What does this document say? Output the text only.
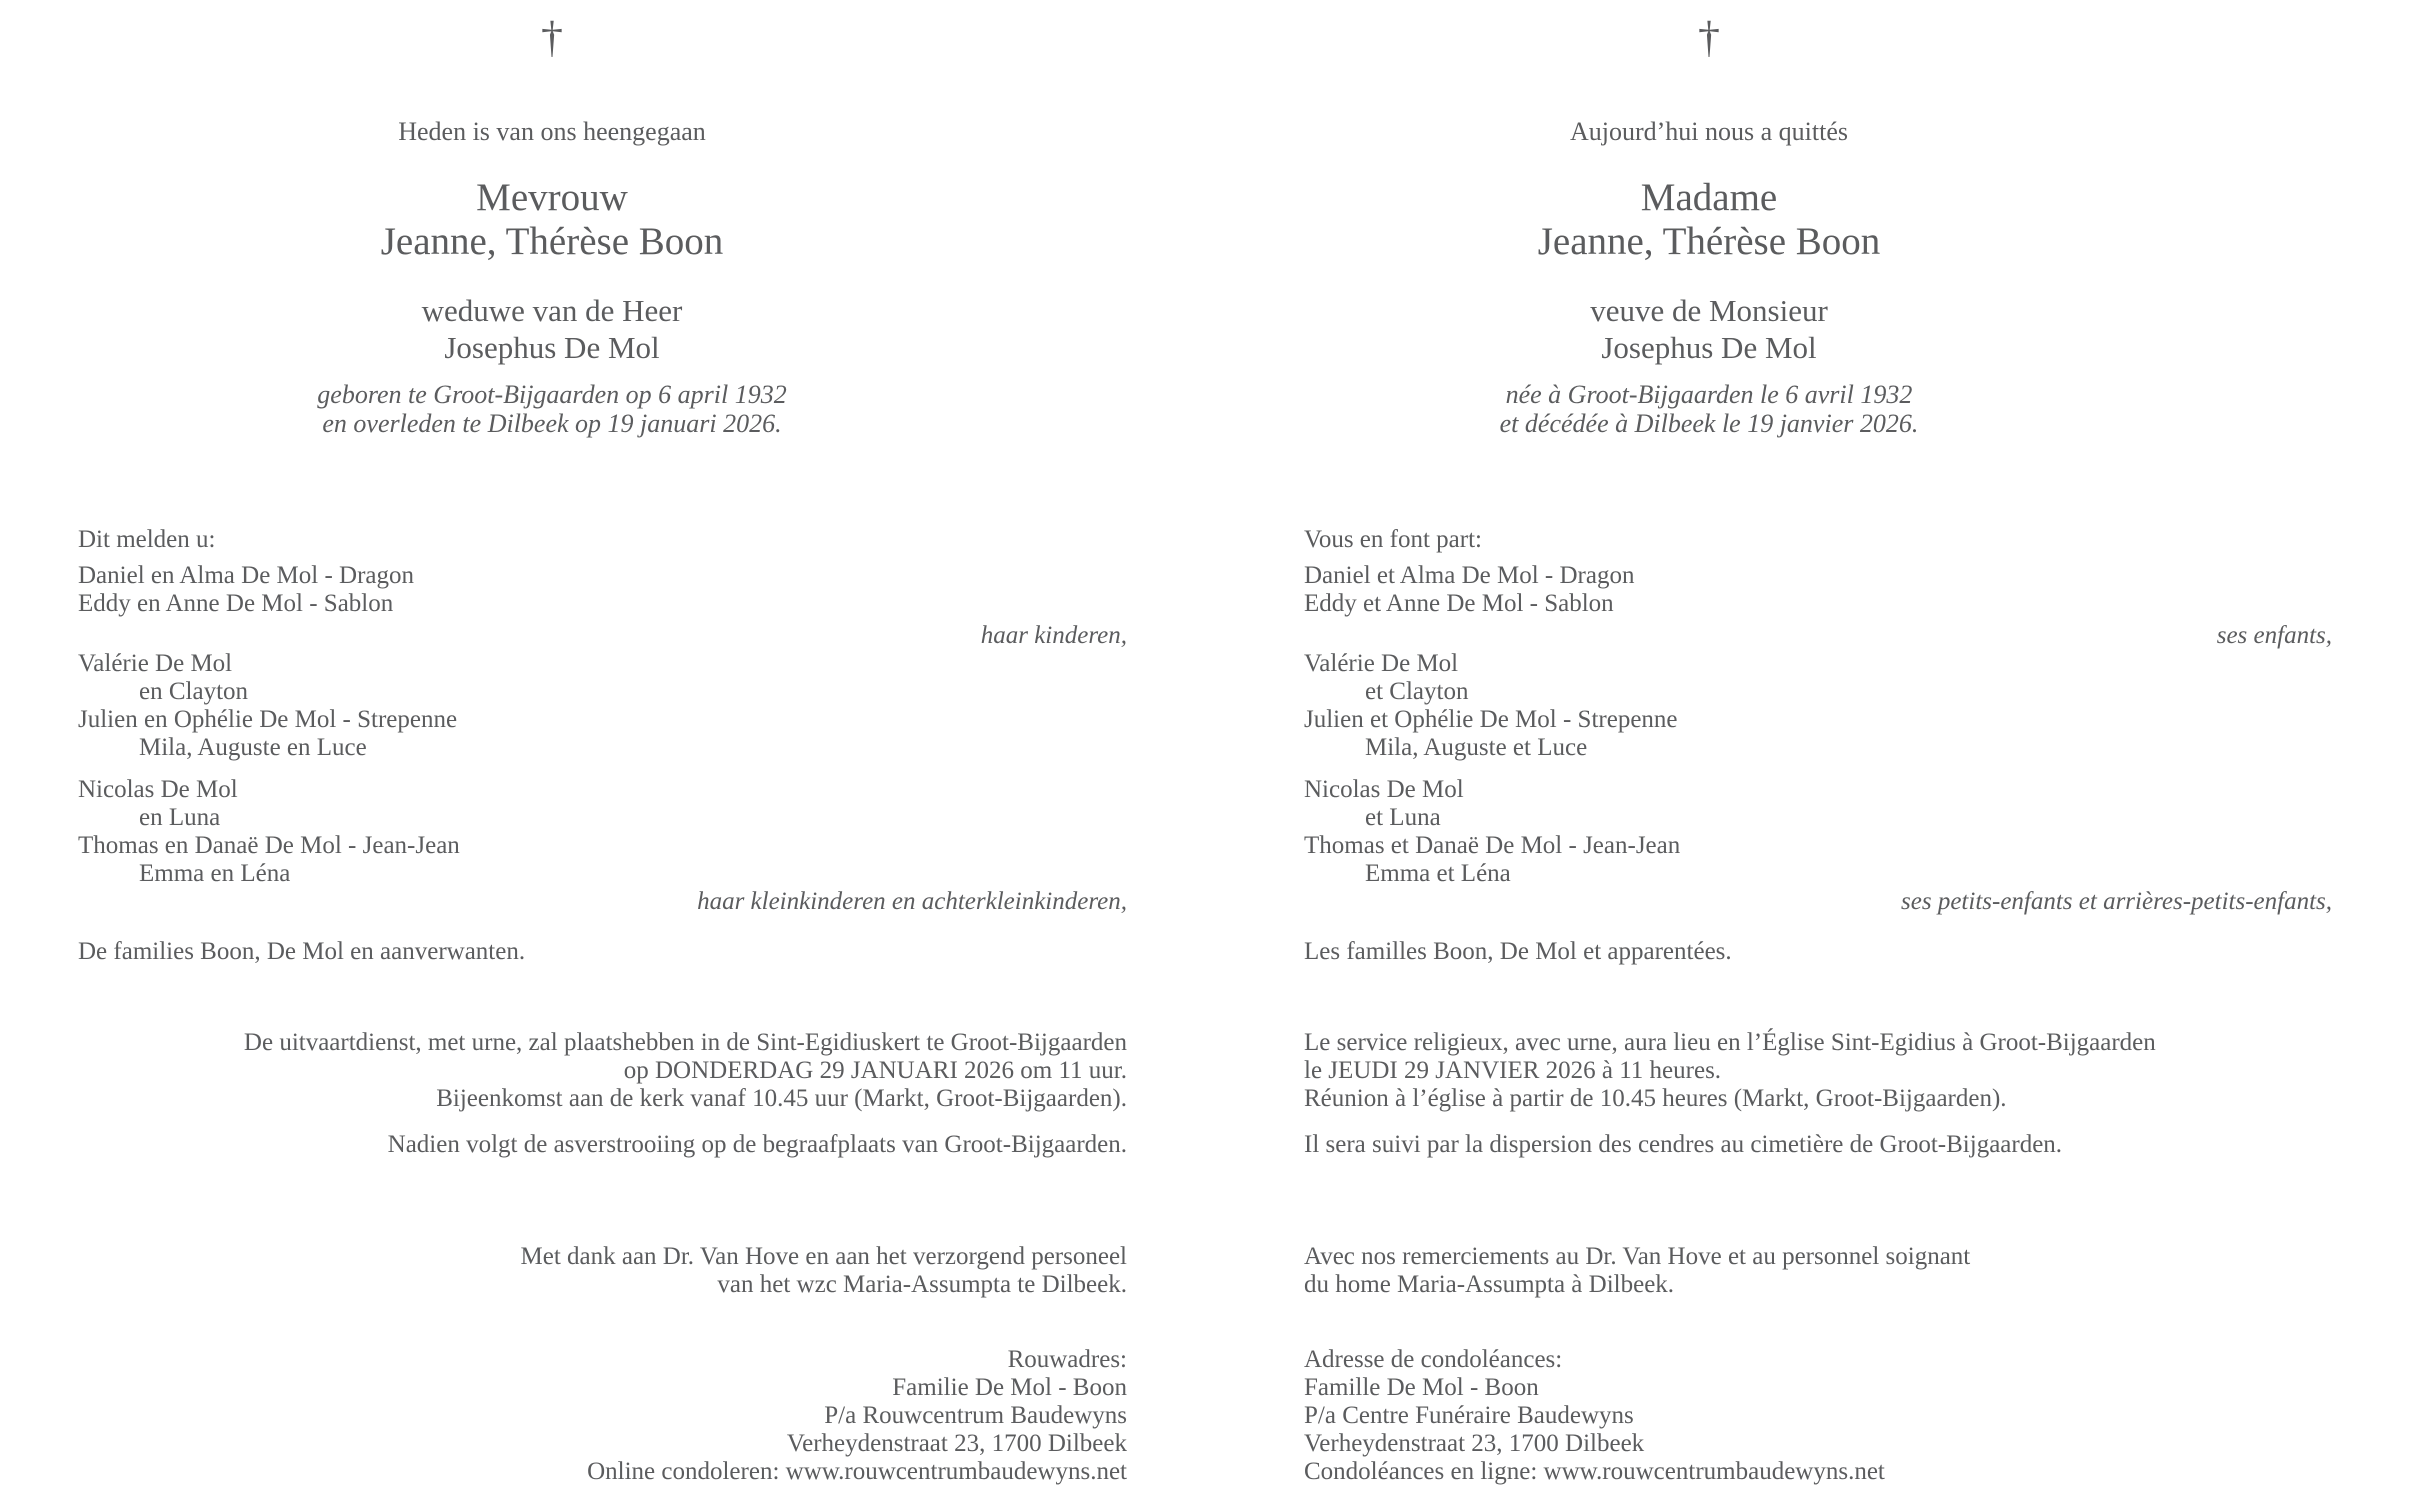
†
Heden is van ons heengegaan
Mevrouw
Jeanne, Thérèse Boon
weduwe van de Heer
Josephus De Mol
geboren te Groot-Bijgaarden op 6 april 1932
en overleden te Dilbeek op 19 januari 2026.
Dit melden u:
Daniel en Alma De Mol - Dragon
Eddy en Anne De Mol - Sablon
haar kinderen,
Valérie De Mol
en Clayton
Julien en Ophélie De Mol - Strepenne
Mila, Auguste en Luce
Nicolas De Mol
en Luna
Thomas en Danaë De Mol - Jean-Jean
Emma en Léna
haar kleinkinderen en achterkleinkinderen,
De families Boon, De Mol en aanverwanten.
De uitvaartdienst, met urne, zal plaatshebben in de Sint-Egidiuskert te Groot-Bijgaarden
op DONDERDAG 29 JANUARI 2026 om 11 uur.
Bijeenkomst aan de kerk vanaf 10.45 uur (Markt, Groot-Bijgaarden).
Nadien volgt de asverstrooiing op de begraafplaats van Groot-Bijgaarden.
Met dank aan Dr. Van Hove en aan het verzorgend personeel
van het wzc Maria-Assumpta te Dilbeek.
Rouwadres:
Familie De Mol - Boon
P/a Rouwcentrum Baudewyns
Verheydenstraat 23, 1700 Dilbeek
Online condoleren: www.rouwcentrumbaudewyns.net
†
Aujourd’hui nous a quittés
Madame
Jeanne, Thérèse Boon
veuve de Monsieur
Josephus De Mol
née à Groot-Bijgaarden le 6 avril 1932
et décédée à Dilbeek le 19 janvier 2026.
Vous en font part:
Daniel et Alma De Mol - Dragon
Eddy et Anne De Mol - Sablon
ses enfants,
Valérie De Mol
et Clayton
Julien et Ophélie De Mol - Strepenne
Mila, Auguste et Luce
Nicolas De Mol
et Luna
Thomas et Danaë De Mol - Jean-Jean
Emma et Léna
ses petits-enfants et arrières-petits-enfants,
Les familles Boon, De Mol et apparentées.
Le service religieux, avec urne, aura lieu en l’Église Sint-Egidius à Groot-Bijgaarden
le JEUDI 29 JANVIER 2026 à 11 heures.
Réunion à l’église à partir de 10.45 heures (Markt, Groot-Bijgaarden).
Il sera suivi par la dispersion des cendres au cimetière de Groot-Bijgaarden.
Avec nos remerciements au Dr. Van Hove et au personnel soignant
du home Maria-Assumpta à Dilbeek.
Adresse de condoléances:
Famille De Mol - Boon
P/a Centre Funéraire Baudewyns
Verheydenstraat 23, 1700 Dilbeek
Condoléances en ligne: www.rouwcentrumbaudewyns.net
